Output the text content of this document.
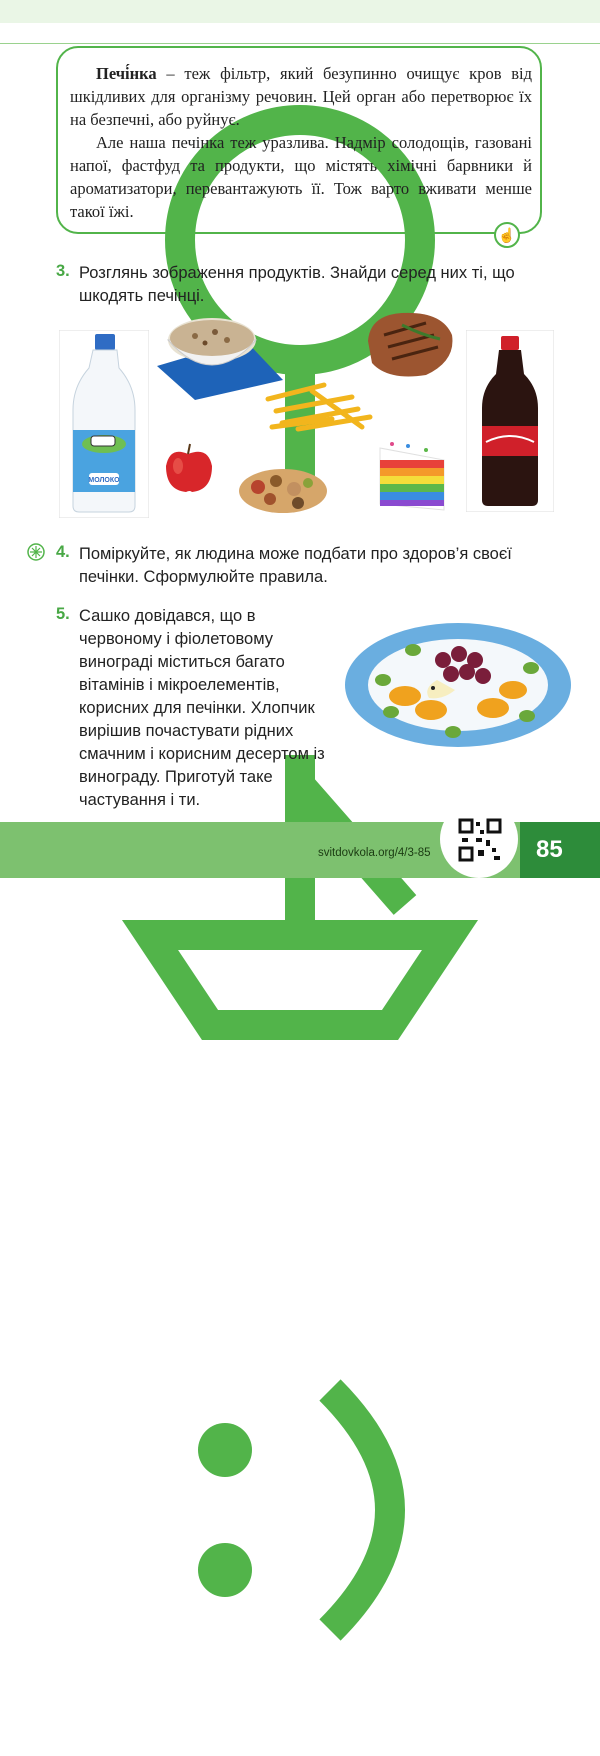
Печі́нка – теж фільтр, який безупинно очищує кров від шкідливих для організму речовин. Цей орган або перетворює їх на безпечні, або руйнує.

Але наша печінка теж уразлива. Надмір солодощів, газовані напої, фастфуд та продукти, що містять хімічні барвники й ароматизатори, перевантажують її. Тож варто вживати менше такої їжі.

☝
3. Розглянь зображення продуктів. Знайди серед них ті, що шкодять печінці.
МОЛОКО
4. Поміркуйте, як людина може подбати про здоров’я своєї печінки. Сформулюйте правила.
5. Сашко довідався, що в червоному і фіолетовому винограді міститься багато вітамінів і мікроелементів, корисних для печінки. Хлопчик вирішив почастувати рідних смачним і корисним десертом із винограду. Приготуй таке частування і ти.

svitdovkola.org/4/3-85	85
